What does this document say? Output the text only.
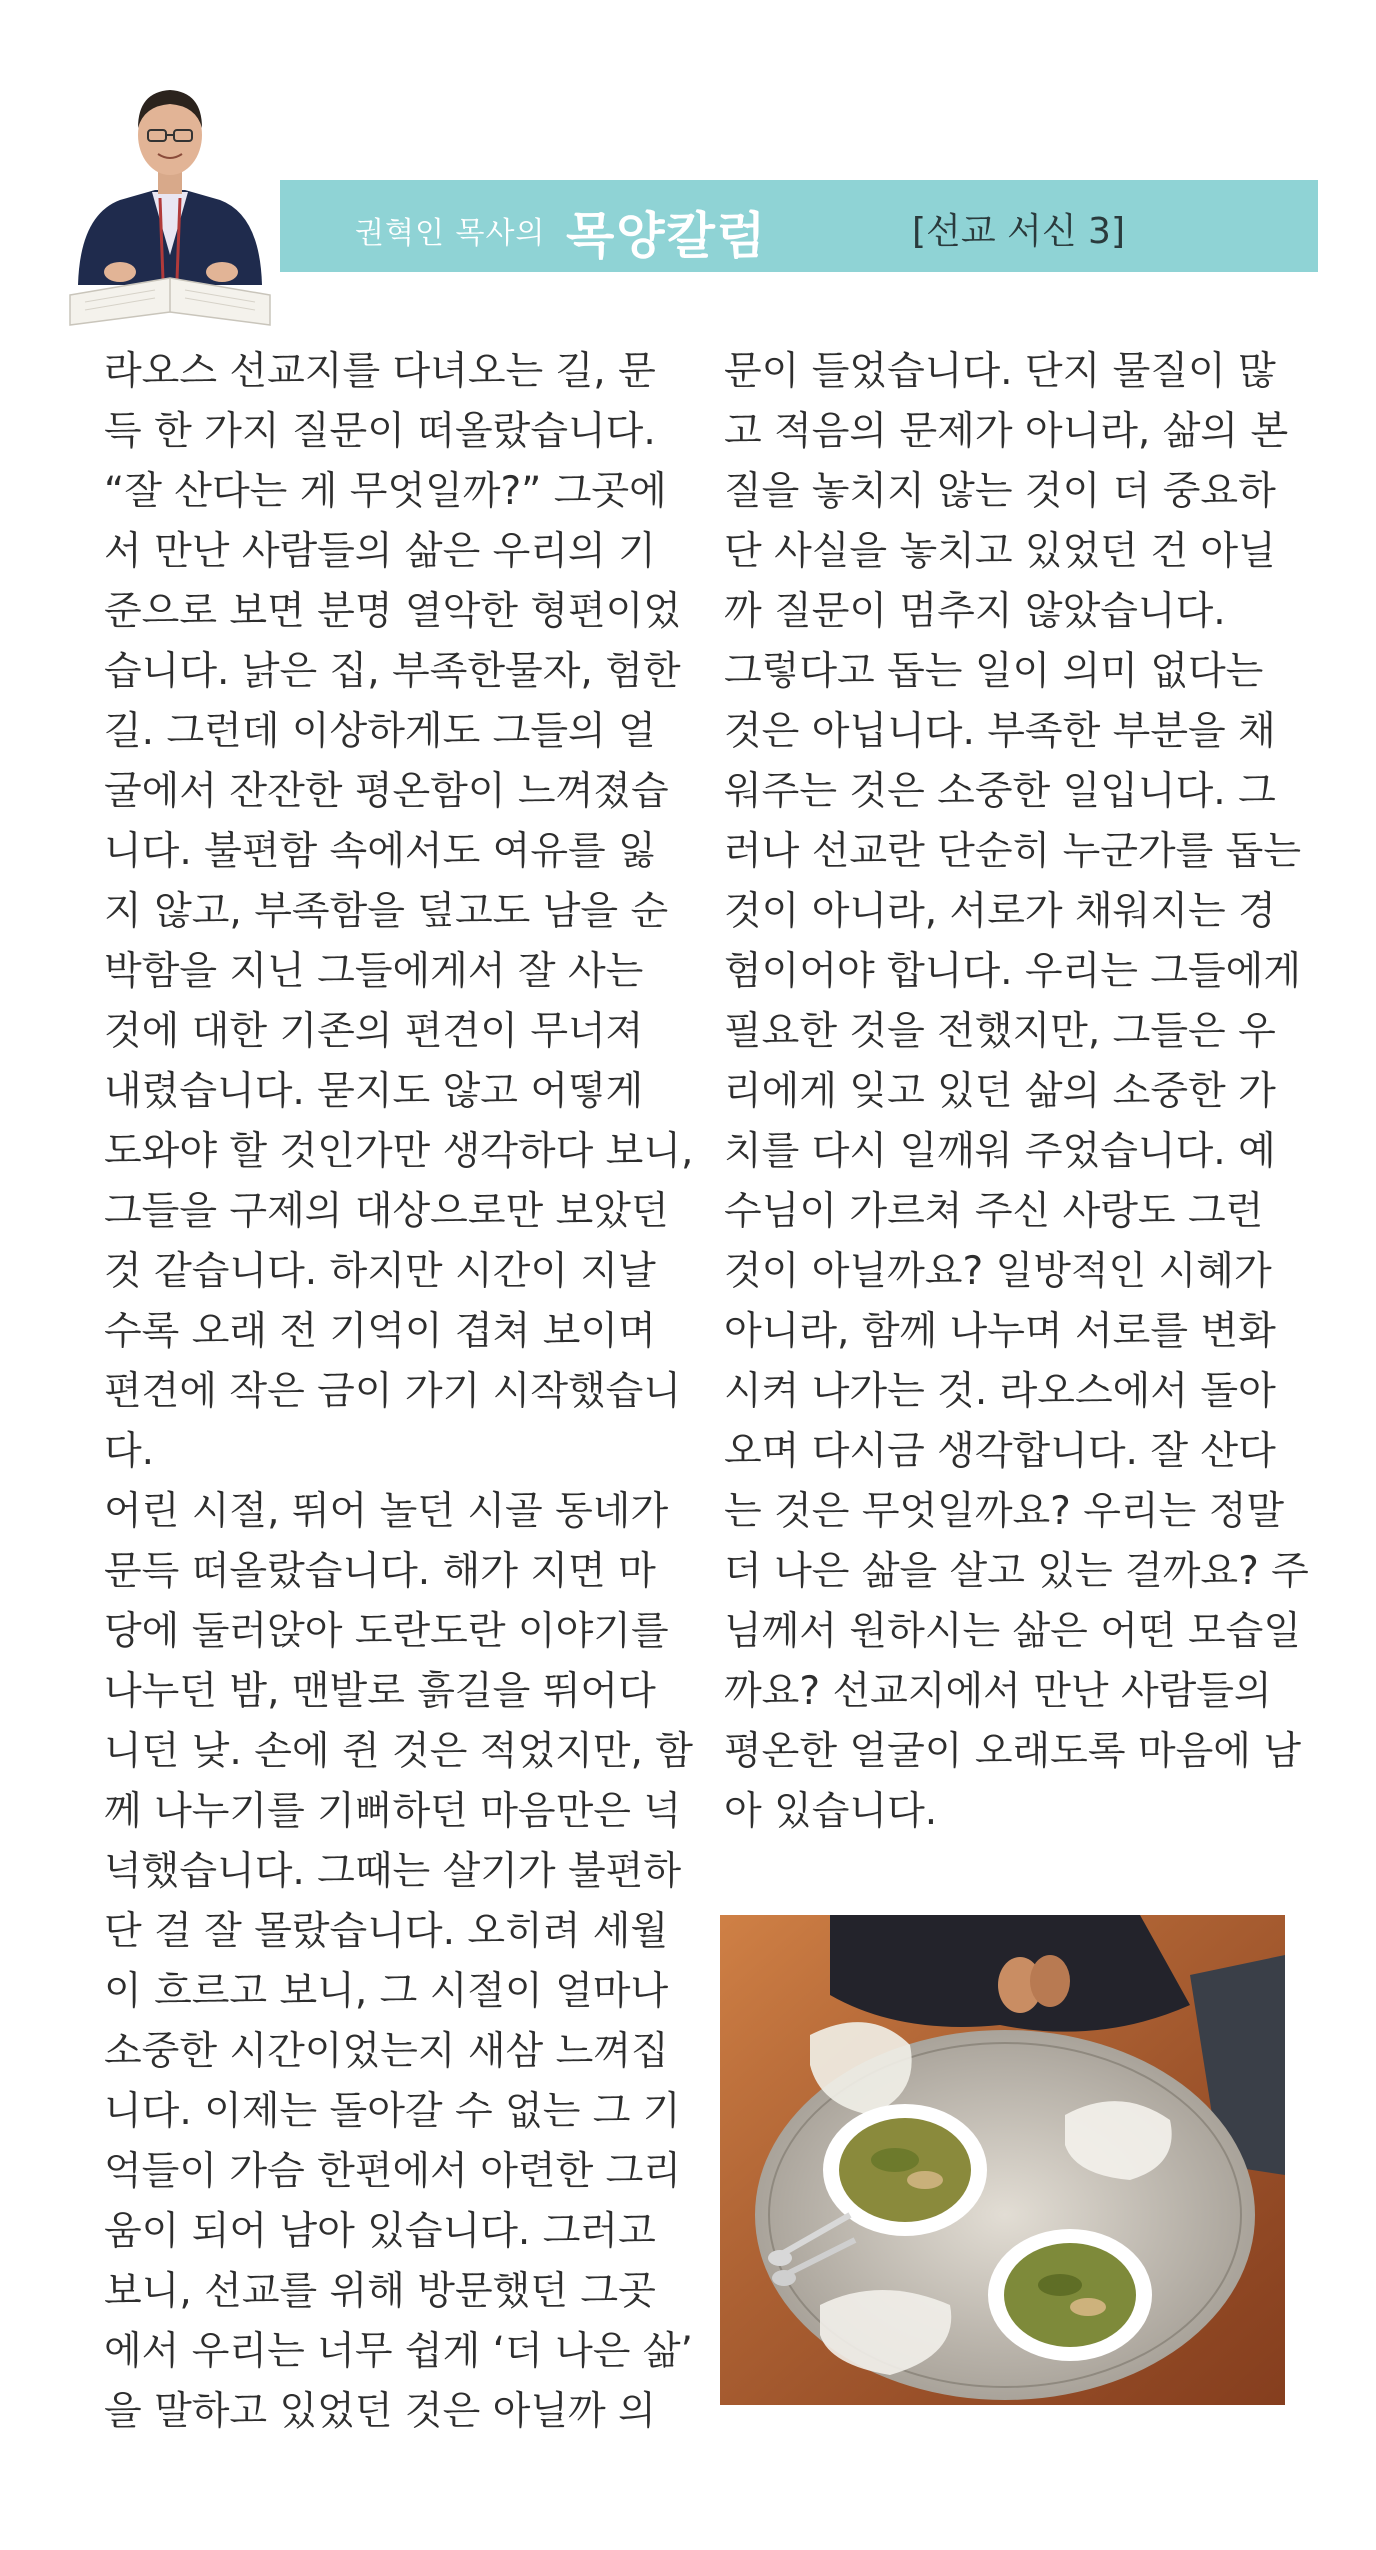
권혁인 목사의 목양칼럼	[선교 서신 3]

라오스 선교지를 다녀오는 길, 문

득 한 가지 질문이 떠올랐습니다.

“잘 산다는 게 무엇일까?” 그곳에

서 만난 사람들의 삶은 우리의 기

준으로 보면 분명 열악한 형편이었

습니다. 낡은 집, 부족한물자, 험한

길. 그런데 이상하게도 그들의 얼

굴에서 잔잔한 평온함이 느껴졌습

니다. 불편함 속에서도 여유를 잃

지 않고, 부족함을 덮고도 남을 순

박함을 지닌 그들에게서 잘 사는

것에 대한 기존의 편견이 무너져

내렸습니다. 묻지도 않고 어떻게

도와야 할 것인가만 생각하다 보니,

그들을 구제의 대상으로만 보았던

것 같습니다. 하지만 시간이 지날

수록 오래 전 기억이 겹쳐 보이며

편견에 작은 금이 가기 시작했습니

다.

어린 시절, 뛰어 놀던 시골 동네가

문득 떠올랐습니다. 해가 지면 마

당에 둘러앉아 도란도란 이야기를

나누던 밤, 맨발로 흙길을 뛰어다

니던 낮. 손에 쥔 것은 적었지만, 함

께 나누기를 기뻐하던 마음만은 넉

넉했습니다. 그때는 살기가 불편하

단 걸 잘 몰랐습니다. 오히려 세월

이 흐르고 보니, 그 시절이 얼마나

소중한 시간이었는지 새삼 느껴집

니다. 이제는 돌아갈 수 없는 그 기

억들이 가슴 한편에서 아련한 그리

움이 되어 남아 있습니다. 그러고

보니, 선교를 위해 방문했던 그곳

에서 우리는 너무 쉽게 ‘더 나은 삶’

을 말하고 있었던 것은 아닐까 의

문이 들었습니다. 단지 물질이 많

고 적음의 문제가 아니라, 삶의 본

질을 놓치지 않는 것이 더 중요하

단 사실을 놓치고 있었던 건 아닐

까 질문이 멈추지 않았습니다.

그렇다고 돕는 일이 의미 없다는

것은 아닙니다. 부족한 부분을 채

워주는 것은 소중한 일입니다. 그

러나 선교란 단순히 누군가를 돕는

것이 아니라, 서로가 채워지는 경

험이어야 합니다. 우리는 그들에게

필요한 것을 전했지만, 그들은 우

리에게 잊고 있던 삶의 소중한 가

치를 다시 일깨워 주었습니다. 예

수님이 가르쳐 주신 사랑도 그런

것이 아닐까요? 일방적인 시혜가

아니라, 함께 나누며 서로를 변화

시켜 나가는 것. 라오스에서 돌아

오며 다시금 생각합니다. 잘 산다

는 것은 무엇일까요? 우리는 정말

더 나은 삶을 살고 있는 걸까요? 주

님께서 원하시는 삶은 어떤 모습일

까요? 선교지에서 만난 사람들의

평온한 얼굴이 오래도록 마음에 남

아 있습니다.
